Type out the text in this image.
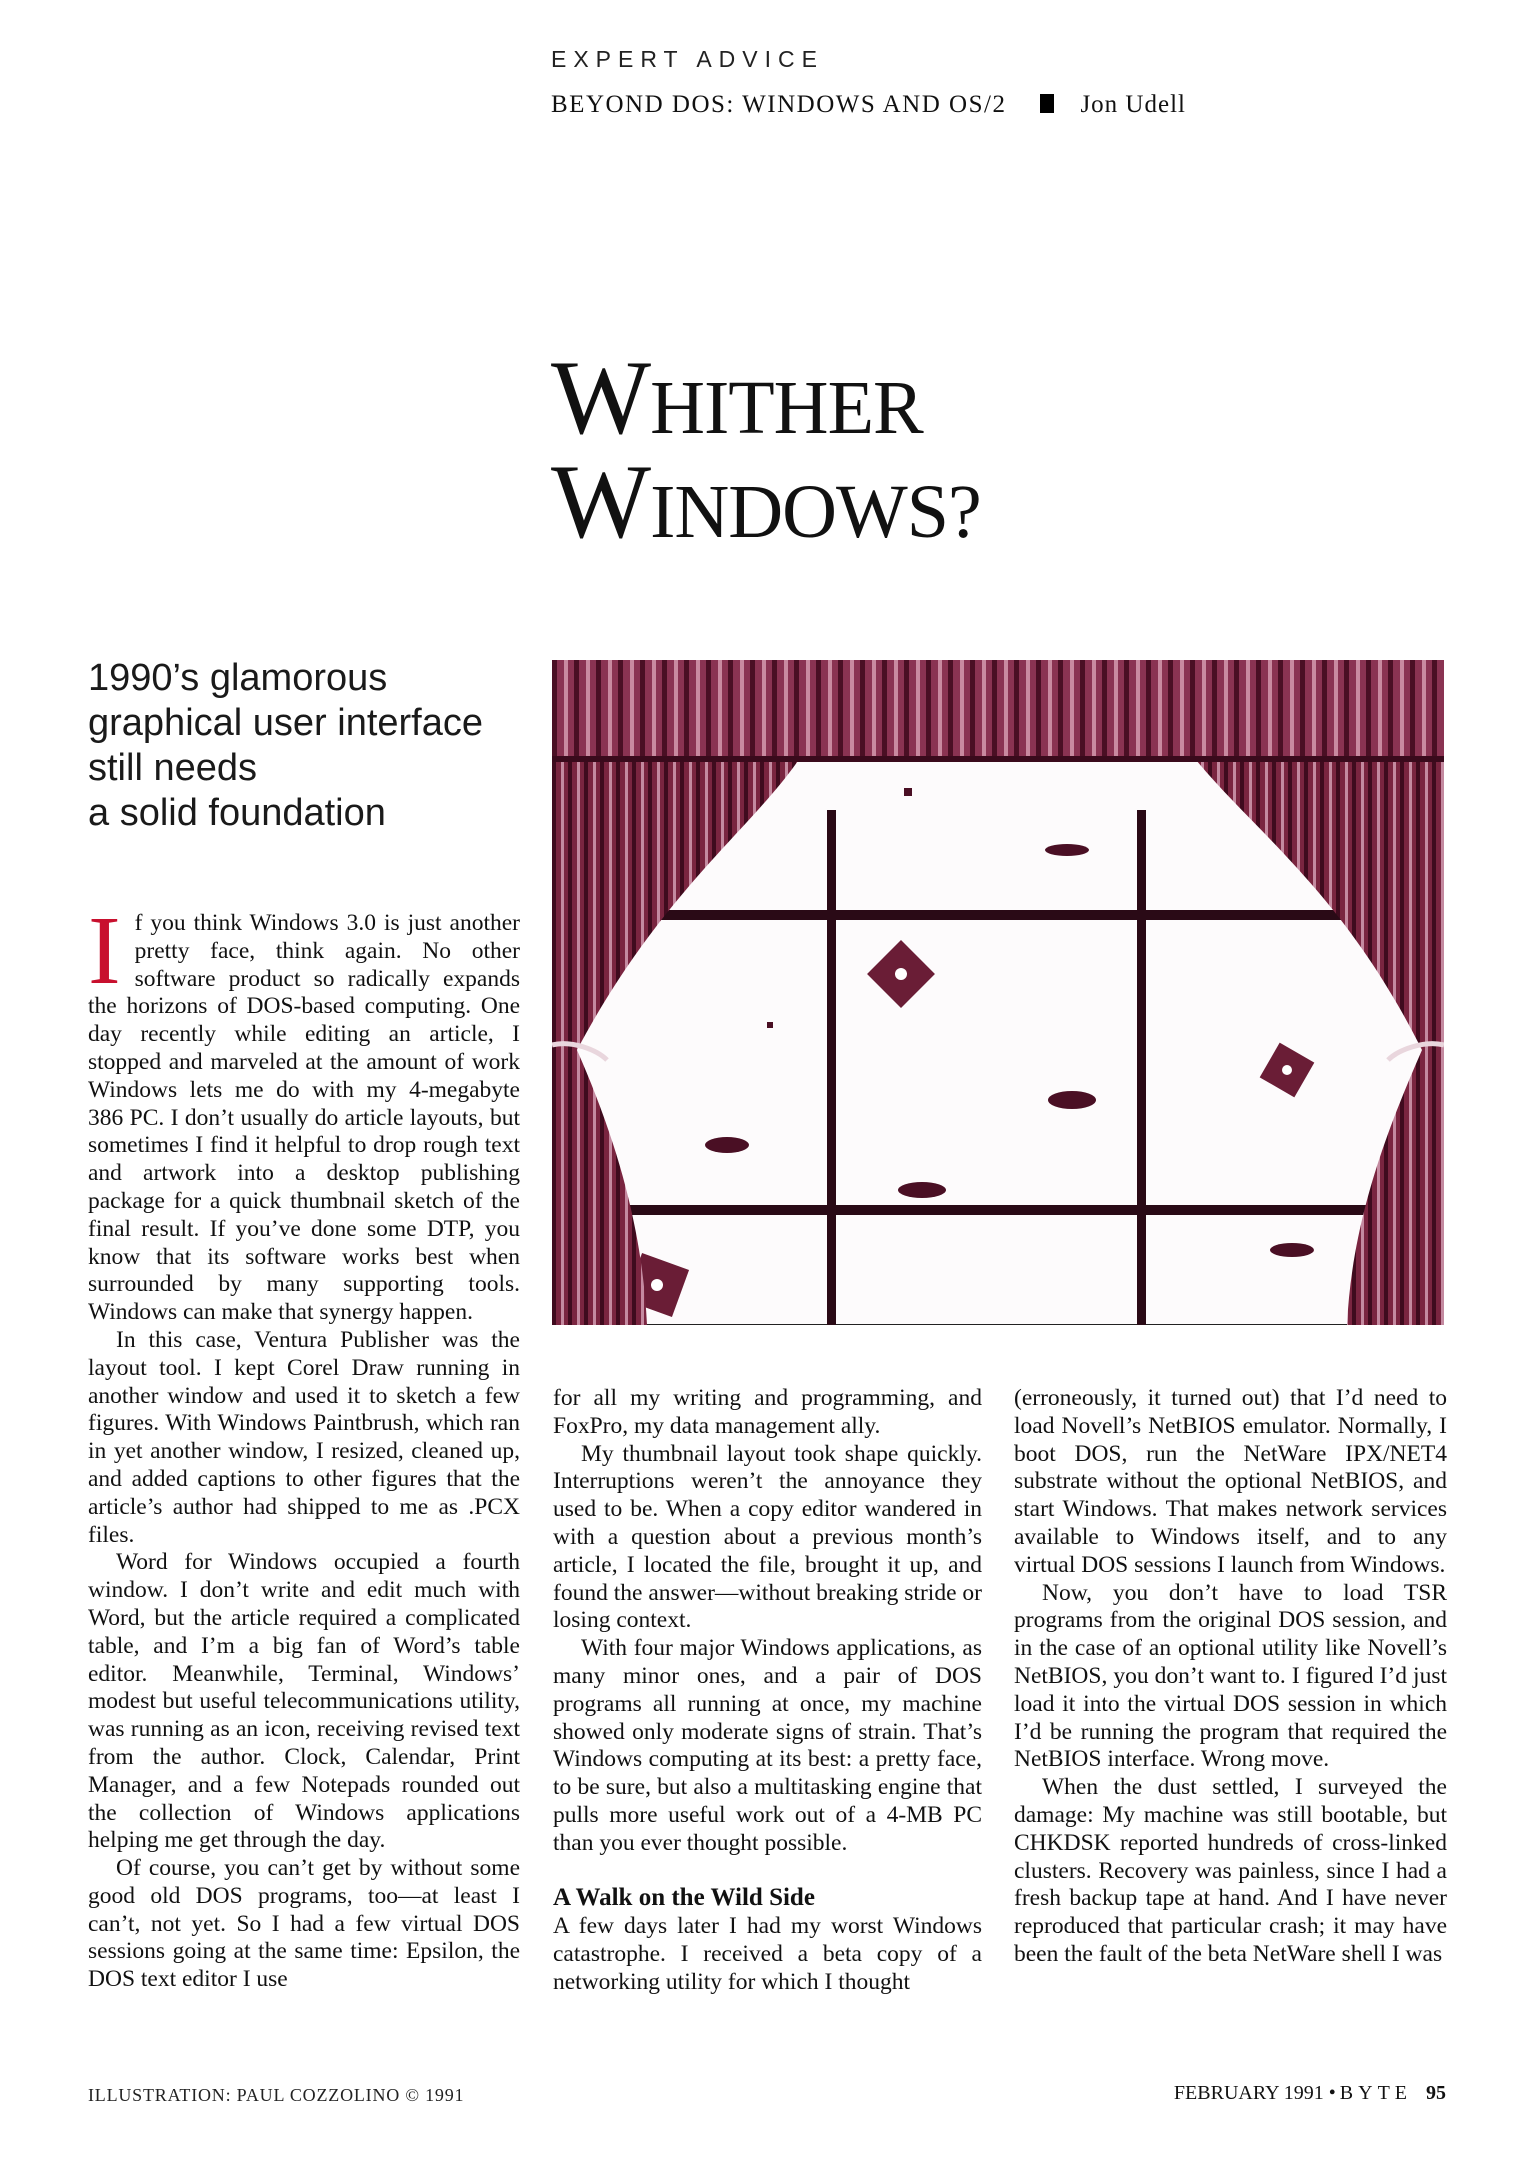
EXPERT ADVICE
BEYOND DOS: WINDOWS AND OS/2	Jon Udell
WHITHER
WINDOWS?
1990’s glamorous
graphical user interface
still needs
a solid foundation

If you think Windows 3.0 is just another pretty face, think again. No other software product so radically expands the horizons of DOS-based computing. One day recently while editing an article, I stopped and marveled at the amount of work Windows lets me do with my 4-megabyte 386 PC. I don’t usually do article layouts, but sometimes I find it helpful to drop rough text and artwork into a desktop publishing package for a quick thumbnail sketch of the final result. If you’ve done some DTP, you know that its software works best when surrounded by many supporting tools. Windows can make that synergy happen.

In this case, Ventura Publisher was the layout tool. I kept Corel Draw running in another window and used it to sketch a few figures. With Windows Paintbrush, which ran in yet another window, I resized, cleaned up, and added captions to other figures that the article’s author had shipped to me as .PCX files.

Word for Windows occupied a fourth window. I don’t write and edit much with Word, but the article required a complicated table, and I’m a big fan of Word’s table editor. Meanwhile, Terminal, Windows’ modest but useful telecommunications utility, was running as an icon, receiving revised text from the author. Clock, Calendar, Print Manager, and a few Notepads rounded out the collection of Windows applications helping me get through the day.

Of course, you can’t get by without some good old DOS programs, too—at least I can’t, not yet. So I had a few virtual DOS sessions going at the same time: Epsilon, the DOS text editor I use

for all my writing and programming, and FoxPro, my data management ally.

My thumbnail layout took shape quickly. Interruptions weren’t the annoyance they used to be. When a copy editor wandered in with a question about a previous month’s article, I located the file, brought it up, and found the answer—without breaking stride or losing context.

With four major Windows applications, as many minor ones, and a pair of DOS programs all running at once, my machine showed only moderate signs of strain. That’s Windows computing at its best: a pretty face, to be sure, but also a multitasking engine that pulls more useful work out of a 4-MB PC than you ever thought possible.

A Walk on the Wild Side

A few days later I had my worst Windows catastrophe. I received a beta copy of a networking utility for which I thought

(erroneously, it turned out) that I’d need to load Novell’s NetBIOS emulator. Normally, I boot DOS, run the NetWare IPX/NET4 substrate without the optional NetBIOS, and start Windows. That makes network services available to Windows itself, and to any virtual DOS sessions I launch from Windows.

Now, you don’t have to load TSR programs from the original DOS session, and in the case of an optional utility like Novell’s NetBIOS, you don’t want to. I figured I’d just load it into the virtual DOS session in which I’d be running the program that required the NetBIOS interface. Wrong move.

When the dust settled, I surveyed the damage: My machine was still bootable, but CHKDSK reported hundreds of cross-linked clusters. Recovery was painless, since I had a fresh backup tape at hand. And I have never reproduced that particular crash; it may have been the fault of the beta NetWare shell I was

ILLUSTRATION: PAUL COZZOLINO © 1991	FEBRUARY 1991 • BYTE 95
